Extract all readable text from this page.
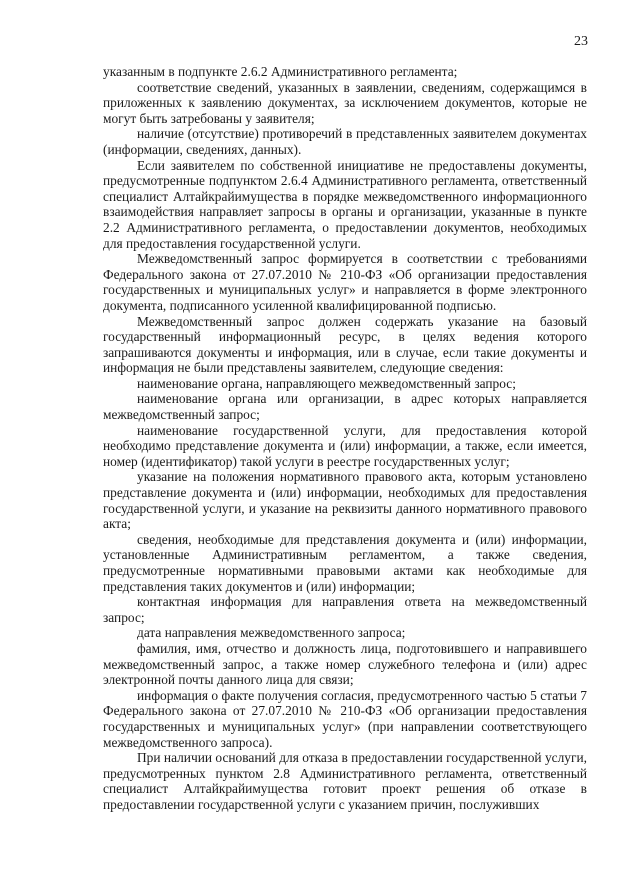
23

указанным в подпункте 2.6.2 Административного регламента;

соответствие сведений, указанных в заявлении, сведениям, содержащимся в приложенных к заявлению документах, за исключением документов, которые не могут быть затребованы у заявителя;

наличие (отсутствие) противоречий в представленных заявителем документах (информации, сведениях, данных).

Если заявителем по собственной инициативе не предоставлены документы, предусмотренные подпунктом 2.6.4 Административного регламента, ответственный специалист Алтайкрайимущества в порядке межведомственного информационного взаимодействия направляет запросы в органы и организации, указанные в пункте 2.2 Административного регламента, о предоставлении документов, необходимых для предоставления государственной услуги.

Межведомственный запрос формируется в соответствии с требованиями Федерального закона от 27.07.2010 № 210-ФЗ «Об организации предоставления государственных и муниципальных услуг» и направляется в форме электронного документа, подписанного усиленной квалифицированной подписью.

Межведомственный запрос должен содержать указание на базовый государственный информационный ресурс, в целях ведения которого запрашиваются документы и информация, или в случае, если такие документы и информация не были представлены заявителем, следующие сведения:

наименование органа, направляющего межведомственный запрос;

наименование органа или организации, в адрес которых направляется межведомственный запрос;

наименование государственной услуги, для предоставления которой необходимо представление документа и (или) информации, а также, если имеется, номер (идентификатор) такой услуги в реестре государственных услуг;

указание на положения нормативного правового акта, которым установлено представление документа и (или) информации, необходимых для предоставления государственной услуги, и указание на реквизиты данного нормативного правового акта;

сведения, необходимые для представления документа и (или) информации, установленные Административным регламентом, а также сведения, предусмотренные нормативными правовыми актами как необходимые для представления таких документов и (или) информации;

контактная информация для направления ответа на межведомственный запрос;

дата направления межведомственного запроса;

фамилия, имя, отчество и должность лица, подготовившего и направившего межведомственный запрос, а также номер служебного телефона и (или) адрес электронной почты данного лица для связи;

информация о факте получения согласия, предусмотренного частью 5 статьи 7 Федерального закона от 27.07.2010 № 210-ФЗ «Об организации предоставления государственных и муниципальных услуг» (при направлении соответствующего межведомственного запроса).

При наличии оснований для отказа в предоставлении государственной услуги, предусмотренных пунктом 2.8 Административного регламента, ответственный специалист Алтайкрайимущества готовит проект решения об отказе в предоставлении государственной услуги с указанием причин, послуживших
